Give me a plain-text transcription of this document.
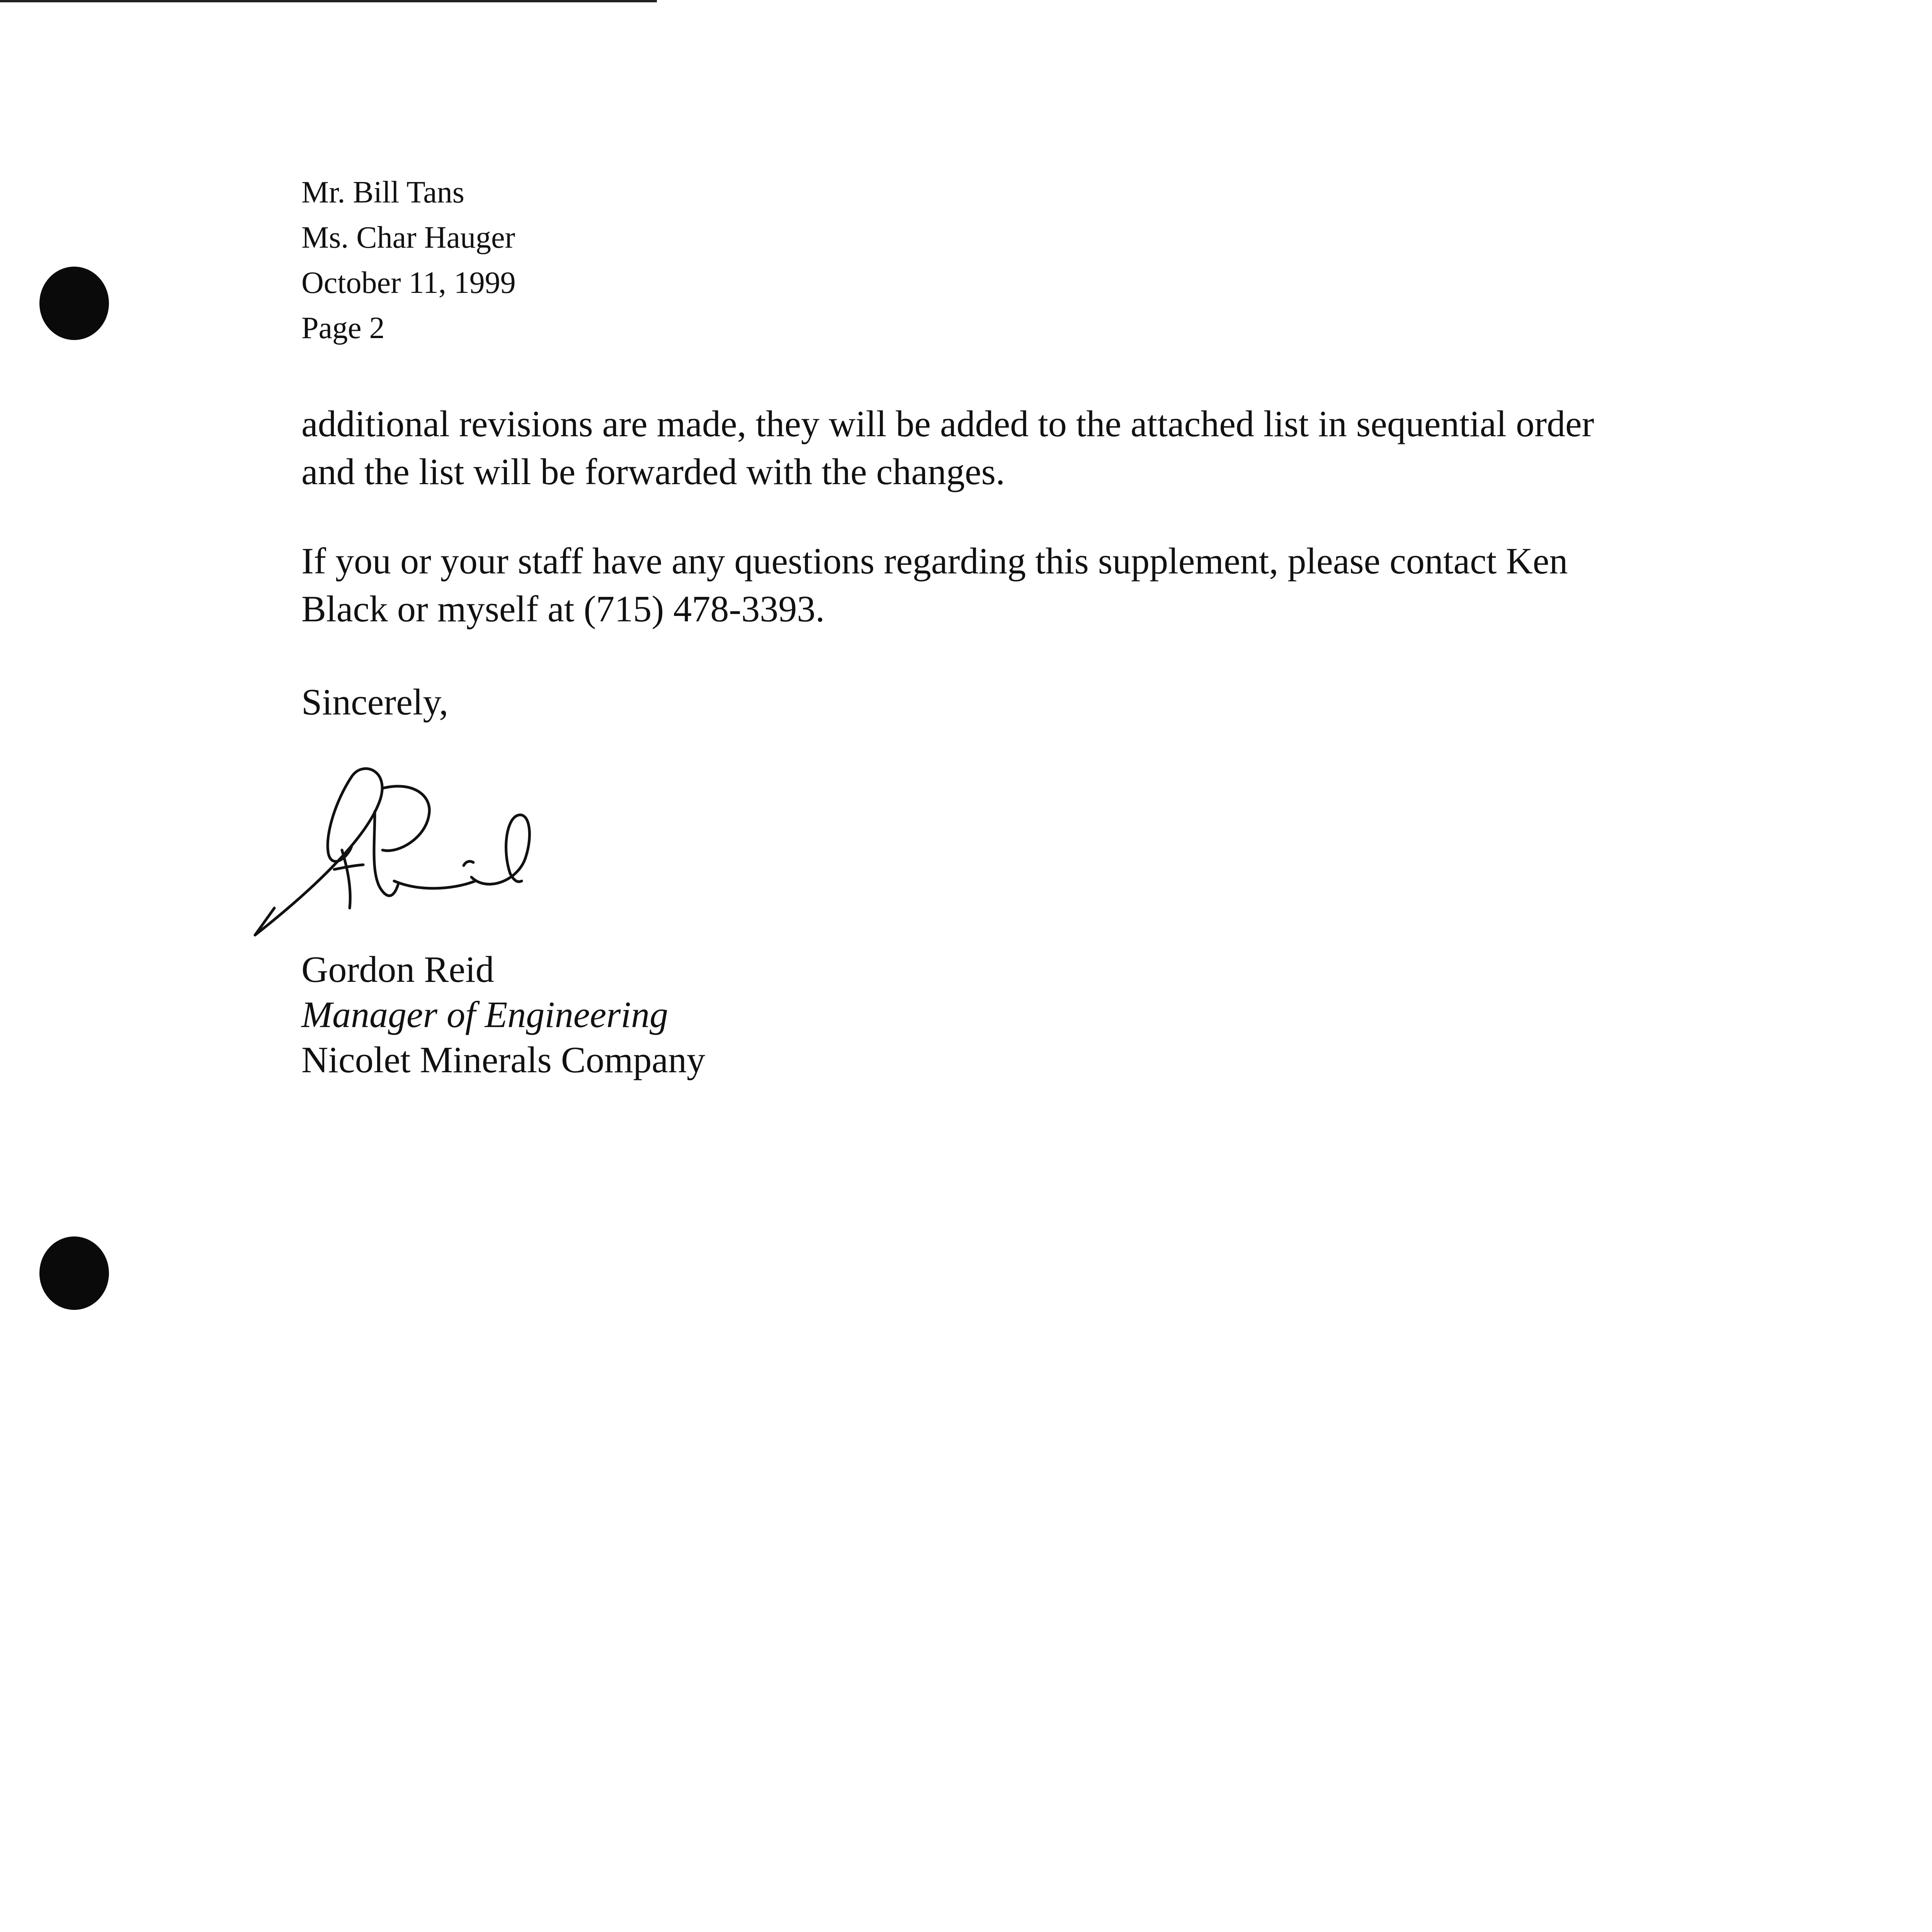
Mr. Bill Tans
Ms. Char Hauger
October 11, 1999
Page 2
additional revisions are made, they will be added to the attached list in sequential order
and the list will be forwarded with the changes.
If you or your staff have any questions regarding this supplement, please contact Ken
Black or myself at (715) 478-3393.
Sincerely,
Gordon Reid
Manager of Engineering
Nicolet Minerals Company
